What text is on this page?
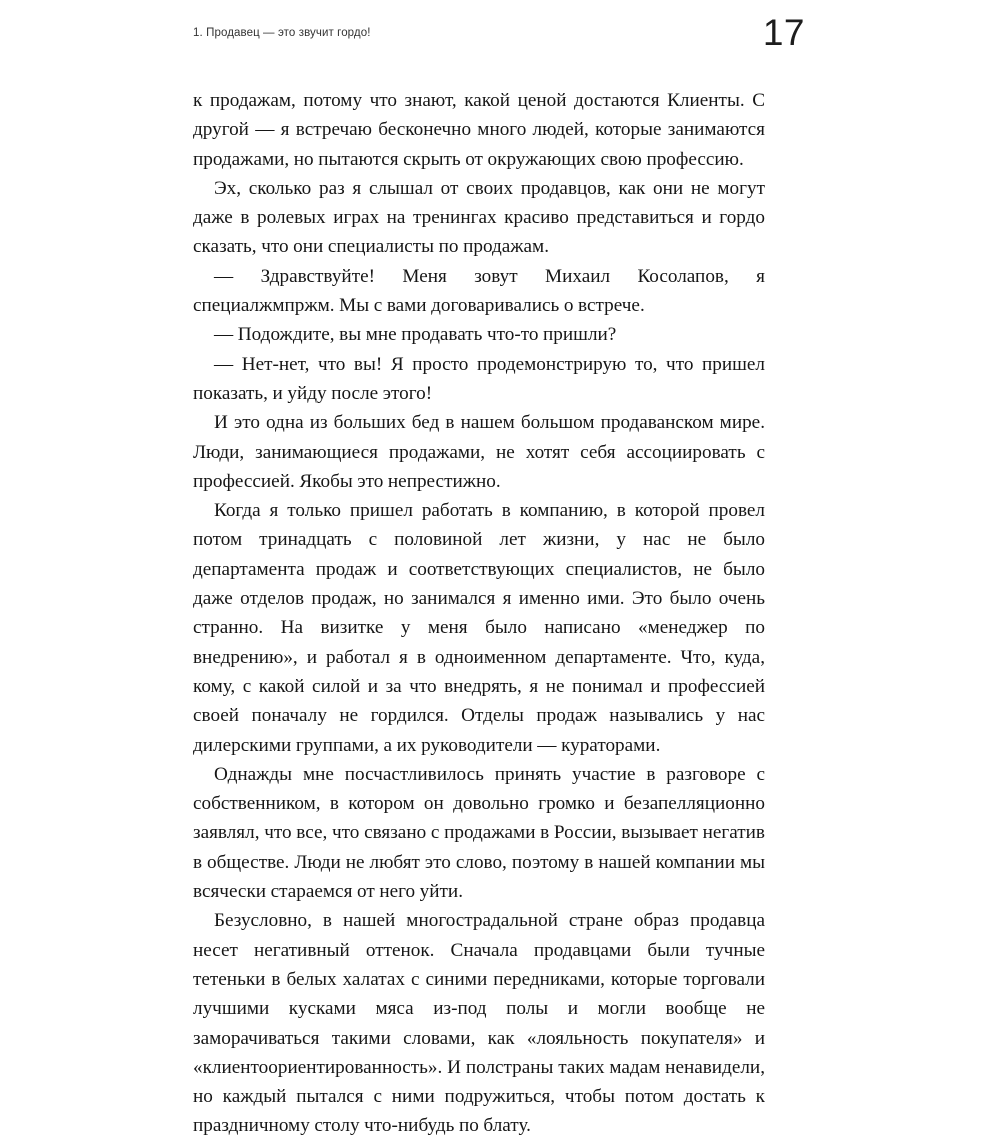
1. Продавец — это звучит гордо!	17

к продажам, потому что знают, какой ценой достаются Клиенты. С другой — я встречаю бесконечно много людей, которые занимаются продажами, но пытаются скрыть от окружающих свою профессию.

Эх, сколько раз я слышал от своих продавцов, как они не могут даже в ролевых играх на тренингах красиво представиться и гордо сказать, что они специалисты по продажам.

— Здравствуйте! Меня зовут Михаил Косолапов, я специалжмпржм. Мы с вами договаривались о встрече.

— Подождите, вы мне продавать что-то пришли?

— Нет-нет, что вы! Я просто продемонстрирую то, что пришел показать, и уйду после этого!

И это одна из больших бед в нашем большом продаванском мире. Люди, занимающиеся продажами, не хотят себя ассоциировать с профессией. Якобы это непрестижно.

Когда я только пришел работать в компанию, в которой провел потом тринадцать с половиной лет жизни, у нас не было департамента продаж и соответствующих специалистов, не было даже отделов продаж, но занимался я именно ими. Это было очень странно. На визитке у меня было написано «менеджер по внедрению», и работал я в одноименном департаменте. Что, куда, кому, с какой силой и за что внедрять, я не понимал и профессией своей поначалу не гордился. Отделы продаж назывались у нас дилерскими группами, а их руководители — кураторами.

Однажды мне посчастливилось принять участие в разговоре с собственником, в котором он довольно громко и безапелляционно заявлял, что все, что связано с продажами в России, вызывает негатив в обществе. Люди не любят это слово, поэтому в нашей компании мы всячески стараемся от него уйти.

Безусловно, в нашей многострадальной стране образ продавца несет негативный оттенок. Сначала продавцами были тучные тетеньки в белых халатах с синими передниками, которые торговали лучшими кусками мяса из-под полы и могли вообще не заморачиваться такими словами, как «лояльность покупателя» и «клиентоориентированность». И полстраны таких мадам ненавидели, но каждый пытался с ними подружиться, чтобы потом достать к праздничному столу что-нибудь по блату.
